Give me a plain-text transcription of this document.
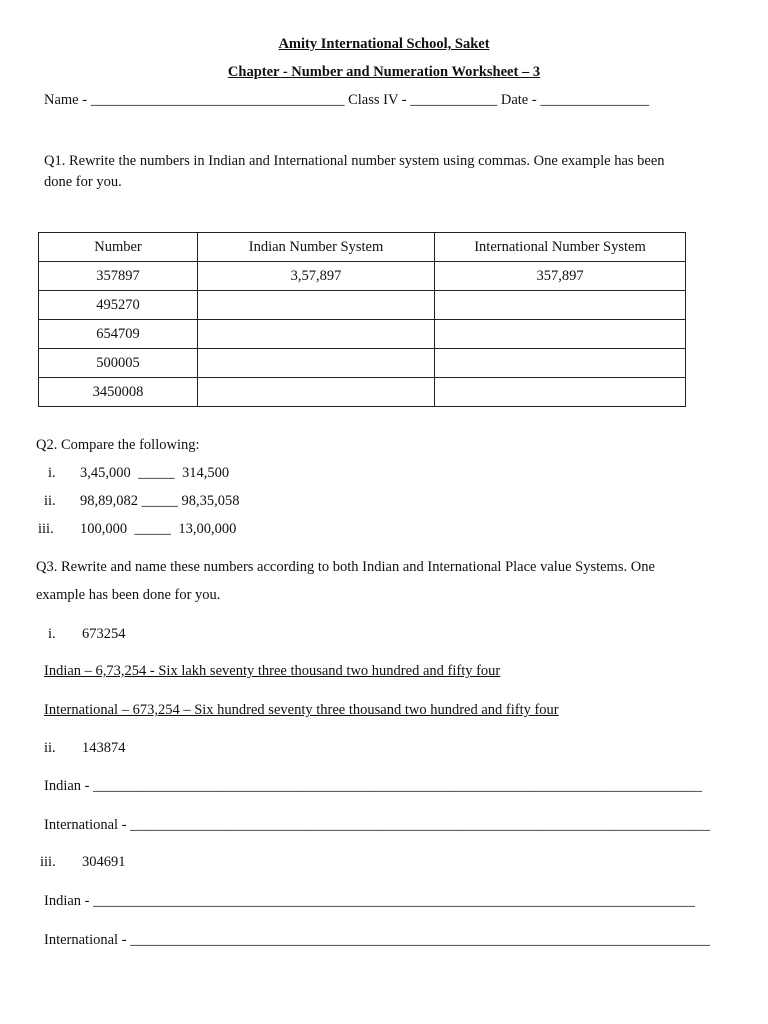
Amity International School, Saket
Chapter - Number and Numeration Worksheet – 3
Name - ___________________________________ Class IV - ____________ Date - _______________
Q1. Rewrite the numbers in Indian and International number system using commas. One example has been
done for you.
Number	Indian Number System	International Number System
357897	3,57,897	357,897
495270		
654709		
500005		
3450008		
Q2. Compare the following:
i. 3,45,000 _____ 314,500
ii. 98,89,082 _____ 98,35,058
iii. 100,000 _____ 13,00,000
Q3. Rewrite and name these numbers according to both Indian and International Place value Systems. One
example has been done for you.
i. 673254
Indian – 6,73,254 - Six lakh seventy three thousand two hundred and fifty four
International – 673,254 – Six hundred seventy three thousand two hundred and fifty four
ii. 143874
Indian - ____________________________________________________________________________________
International - ________________________________________________________________________________
iii. 304691
Indian - ___________________________________________________________________________________
International - ________________________________________________________________________________
